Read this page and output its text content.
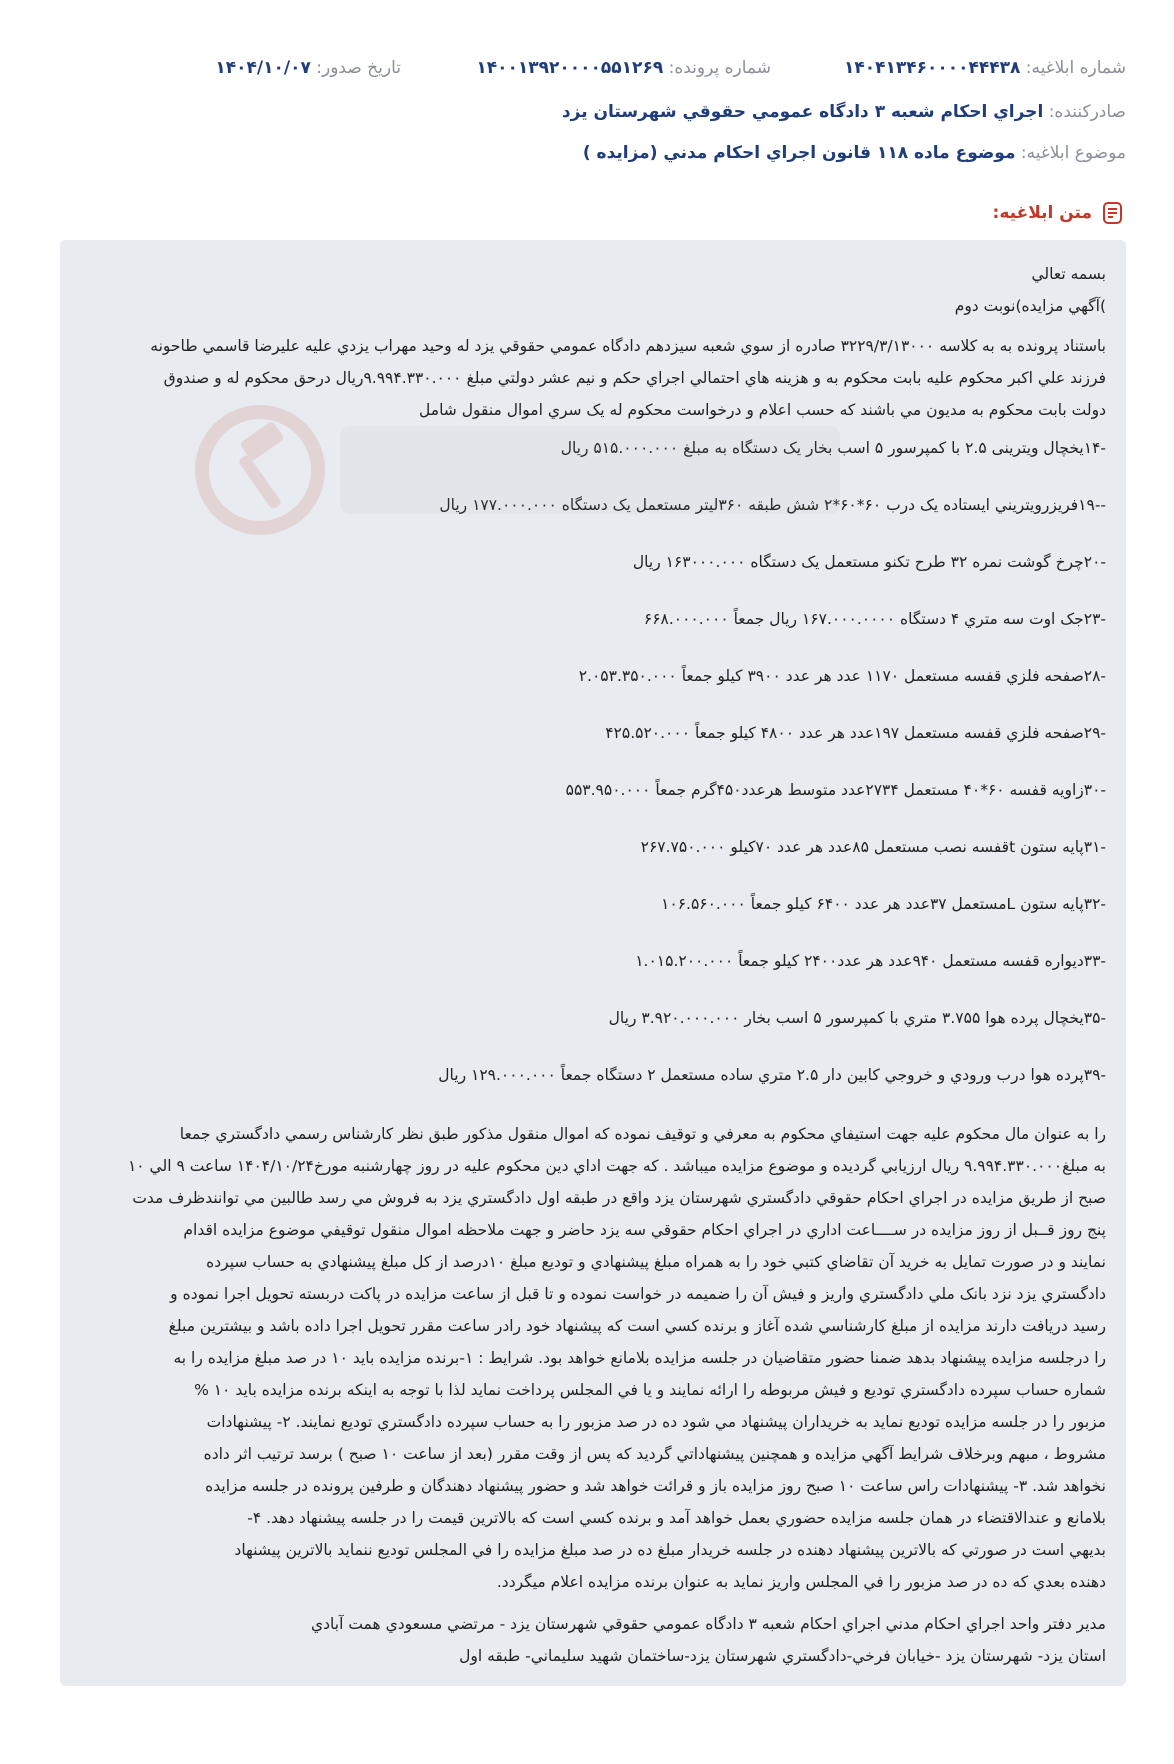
شماره ابلاغيه: ۱۴۰۴۱۳۴۶۰۰۰۰۴۴۴۳۸
شماره پرونده: ۱۴۰۰۱۳۹۲۰۰۰۰۵۵۱۲۶۹
تاريخ صدور: ۱۴۰۴/۱۰/۰۷
صادرکننده: اجراي احکام شعبه ۳ دادگاه عمومي حقوقي شهرستان يزد
موضوع ابلاغيه: موضوع ماده ۱۱۸ قانون اجراي احکام مدني (مزايده )
متن ابلاغيه:

بسمه تعالي

)آگهي مزايده)نوبت دوم

باستناد پرونده به به کلاسه ۳۲۲۹/۳/۱۳۰۰۰ صادره از سوي شعبه سيزدهم دادگاه عمومي حقوقي يزد له وحيد مهراب يزدي عليه عليرضا قاسمي طاحونه

فرزند علي اکبر محکوم عليه بابت محکوم به و هزينه هاي احتمالي اجراي حکم و نيم عشر دولتي مبلغ ۹.۹۹۴.۳۳۰.۰۰۰ريال درحق محکوم له و صندوق

دولت بابت محکوم به مديون مي باشند که حسب اعلام و درخواست محکوم له يک سري اموال منقول شامل

-۱۴يخچال ويترينى ۲.۵ با کمپرسور ۵ اسب بخار يک دستگاه به مبلغ ۵۱۵.۰۰۰.۰۰۰ ريال
--۱۹فريزرويتريني ايستاده يک درب ۶۰*۶۰*۲ شش طبقه ۳۶۰ليتر مستعمل يک دستگاه ۱۷۷.۰۰۰.۰۰۰ ريال
-۲۰چرخ گوشت نمره ۳۲ طرح تکنو مستعمل يک دستگاه ۱۶۳۰۰۰.۰۰۰ ريال
-۲۳جک اوت سه متري ۴ دستگاه ۱۶۷.۰۰۰.۰۰۰۰ ريال جمعاً ۶۶۸.۰۰۰.۰۰۰
-۲۸صفحه فلزي قفسه مستعمل ۱۱۷۰ عدد هر عدد ۳۹۰۰ کيلو جمعاً ۲.۰۵۳.۳۵۰.۰۰۰
-۲۹صفحه فلزي قفسه مستعمل ۱۹۷عدد هر عدد ۴۸۰۰ کيلو جمعاً ۴۲۵.۵۲۰.۰۰۰
-۳۰زاويه قفسه ۶۰*۴۰ مستعمل ۲۷۳۴عدد متوسط هرعدد۴۵۰گرم جمعاً ۵۵۳.۹۵۰.۰۰۰
-۳۱پايه ستون tقفسه نصب مستعمل ۸۵عدد هر عدد ۷۰کيلو ۲۶۷.۷۵۰.۰۰۰
-۳۲پايه ستون Lمستعمل ۳۷عدد هر عدد ۶۴۰۰ کيلو جمعاً ۱۰۶.۵۶۰.۰۰۰
-۳۳ديواره قفسه مستعمل ۹۴۰عدد هر عدد۲۴۰۰ کيلو جمعاً ۱.۰۱۵.۲۰۰.۰۰۰
-۳۵يخچال پرده هوا ۳.۷۵۵ متري با کمپرسور ۵ اسب بخار ۳.۹۲۰.۰۰۰.۰۰۰ ريال
-۳۹پرده هوا درب ورودي و خروجي کابين دار ۲.۵ متري ساده مستعمل ۲ دستگاه جمعاً ۱۲۹.۰۰۰.۰۰۰ ريال

را به عنوان مال محکوم عليه جهت استيفاي محکوم به معرفي و توقيف نموده که اموال منقول مذکور طبق نظر کارشناس رسمي دادگستري جمعا

به مبلغ۹.۹۹۴.۳۳۰.۰۰۰ ريال ارزيابي گرديده و موضوع مزايده ميباشد . که جهت اداي دين محکوم عليه در روز چهارشنبه مورخ۱۴۰۴/۱۰/۲۴ ساعت ۹ الي ۱۰

صبح از طريق مزايده در اجراي احکام حقوقي دادگستري شهرستان يزد واقع در طبقه اول دادگستري يزد به فروش مي رسد طالبين مي توانندظرف مدت

پنج روز قــبل از روز مزايده در ســــاعت اداري در اجراي احکام حقوقي سه يزد حاضر و جهت ملاحظه اموال منقول توقيفي موضوع مزايده اقدام

نمايند و در صورت تمايل به خريد آن تقاضاي کتبي خود را به همراه مبلغ پيشنهادي و توديع مبلغ ۱۰درصد از کل مبلغ پيشنهادي به حساب سپرده

دادگستري يزد نزد بانک ملي دادگستري واريز و فيش آن را ضميمه در خواست نموده و تا قبل از ساعت مزايده در پاکت دربسته تحويل اجرا نموده و

رسيد دريافت دارند مزايده از مبلغ کارشناسي شده آغاز و برنده کسي است که پيشنهاد خود رادر ساعت مقرر تحويل اجرا داده باشد و بيشترين مبلغ

را درجلسه مزايده پيشنهاد بدهد ضمنا حضور متقاضيان در جلسه مزايده بلامانع خواهد بود. شرايط : ۱-برنده مزايده بايد ۱۰ در صد مبلغ مزايده را به

شماره حساب سپرده دادگستري توديع و فيش مربوطه را ارائه نمايند و يا في المجلس پرداخت نمايد لذا با توجه به اينکه برنده مزايده بايد ۱۰ %

مزبور را در جلسه مزايده توديع نمايد به خريداران پيشنهاد مي شود ده در صد مزبور را به حساب سپرده دادگستري توديع نمايند. ۲- پيشنهادات

مشروط ، مبهم وبرخلاف شرايط آگهي مزايده و همچنين پيشنهاداتي گرديد که پس از وقت مقرر (بعد از ساعت ۱۰ صبح ) برسد ترتيب اثر داده

نخواهد شد. ۳- پيشنهادات راس ساعت ۱۰ صبح روز مزايده باز و قرائت خواهد شد و حضور پيشنهاد دهندگان و طرفين پرونده در جلسه مزايده

بلامانع و عندالاقتضاء در همان جلسه مزايده حضوري بعمل خواهد آمد و برنده کسي است که بالاترين قيمت را در جلسه پيشنهاد دهد. ۴-

بديهي است در صورتي که بالاترين پيشنهاد دهنده در جلسه خريدار مبلغ ده در صد مبلغ مزايده را في المجلس توديع ننمايد بالاترين پيشنهاد

دهنده بعدي که ده در صد مزبور را في المجلس واريز نمايد به عنوان برنده مزايده اعلام ميگردد.

مدير دفتر واحد اجراي احکام مدني اجراي احکام شعبه ۳ دادگاه عمومي حقوقي شهرستان يزد - مرتضي مسعودي همت آبادي

استان يزد- شهرستان يزد -خيابان فرخي-دادگستري شهرستان يزد-ساختمان شهيد سليماني- طبقه اول
